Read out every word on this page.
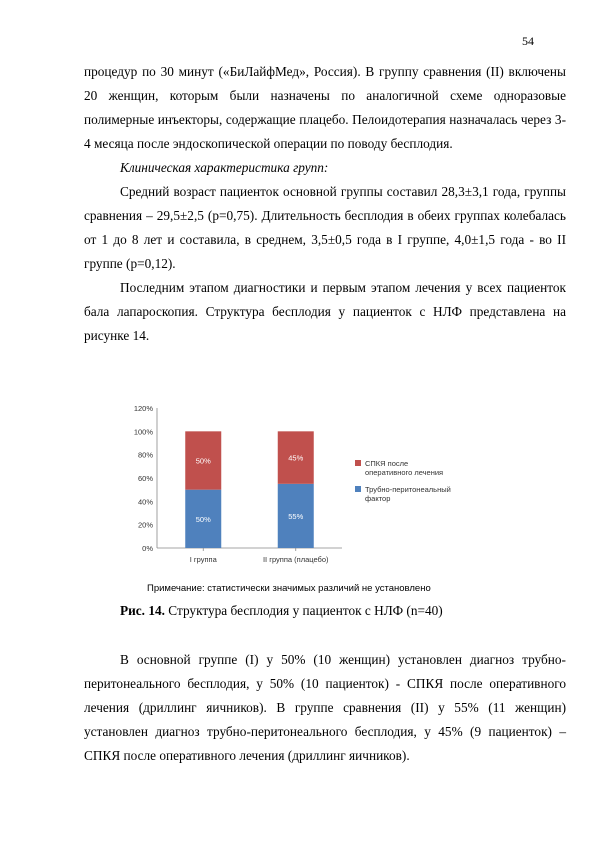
54

процедур по 30 минут («БиЛайфМед», Россия). В группу сравнения (II) включены 20 женщин, которым были назначены по аналогичной схеме одноразовые полимерные инъекторы, содержащие плацебо. Пелоидотерапия назначалась через 3-4 месяца после эндоскопической операции по поводу бесплодия.

Клиническая характеристика групп:

Средний возраст пациенток основной группы составил 28,3±3,1 года, группы сравнения – 29,5±2,5 (p=0,75). Длительность бесплодия в обеих группах колебалась от 1 до 8 лет и составила, в среднем, 3,5±0,5 года в I группе, 4,0±1,5 года - во II группе (p=0,12).

Последним этапом диагностики и первым этапом лечения у всех пациенток бала лапароскопия. Структура бесплодия у пациенток с НЛФ представлена на рисунке 14.

0%
20%
40%
60%
80%
100%
120%
50%
50%
I группа
55%
45%
II группа (плацебо)
СПКЯ после
оперативного лечения
Трубно-перитонеальный
фактор
Примечание: статистически значимых различий не установлено
Рис. 14. Структура бесплодия у пациенток с НЛФ (n=40)

В основной группе (I) у 50% (10 женщин) установлен диагноз трубно-перитонеального бесплодия, у 50% (10 пациенток) - СПКЯ после оперативного лечения (дриллинг яичников). В группе сравнения (II) у 55% (11 женщин) установлен диагноз трубно-перитонеального бесплодия, у 45% (9 пациенток) – СПКЯ после оперативного лечения (дриллинг яичников).
